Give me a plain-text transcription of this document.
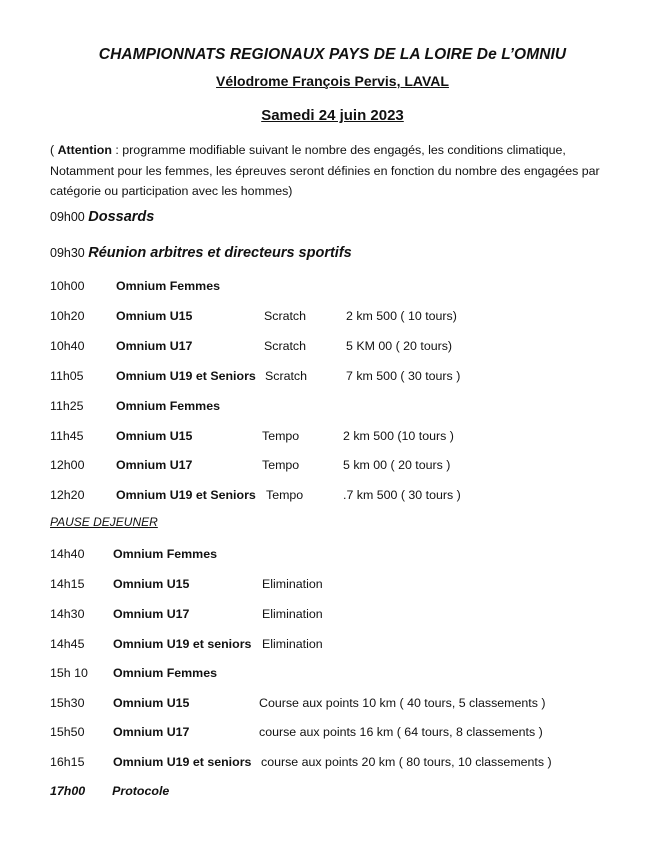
CHAMPIONNATS REGIONAUX PAYS DE LA LOIRE De L’OMNIU
Vélodrome François Pervis, LAVAL
Samedi 24 juin 2023
( Attention : programme modifiable suivant le nombre des engagés, les conditions climatique,
Notamment pour les femmes, les épreuves seront définies en fonction du nombre des engagées par
catégorie ou participation avec les hommes)
09h00 Dossards
09h30 Réunion arbitres et directeurs sportifs
10h00	Omnium Femmes
10h20	Omnium U15	Scratch	2 km 500 ( 10 tours)
10h40	Omnium U17	Scratch	5 KM 00 ( 20 tours)
11h05	Omnium U19 et Seniors Scratch	7 km 500 ( 30 tours )
11h25	Omnium Femmes
11h45	Omnium U15	Tempo	2 km 500 (10 tours )
12h00	Omnium U17	Tempo	5 km 00 ( 20 tours )
12h20	Omnium U19 et Seniors Tempo	.7 km 500 ( 30 tours )
PAUSE DEJEUNER
14h40 Omnium Femmes
14h15 Omnium U15	Elimination
14h30 Omnium U17	Elimination
14h45 Omnium U19 et seniors Elimination
15h 10 Omnium Femmes
15h30 Omnium U15	Course aux points 10 km ( 40 tours, 5 classements )
15h50 Omnium U17	course aux points 16 km ( 64 tours, 8 classements )
16h15 Omnium U19 et seniors course aux points 20 km ( 80 tours, 10 classements )
17h00 Protocole
